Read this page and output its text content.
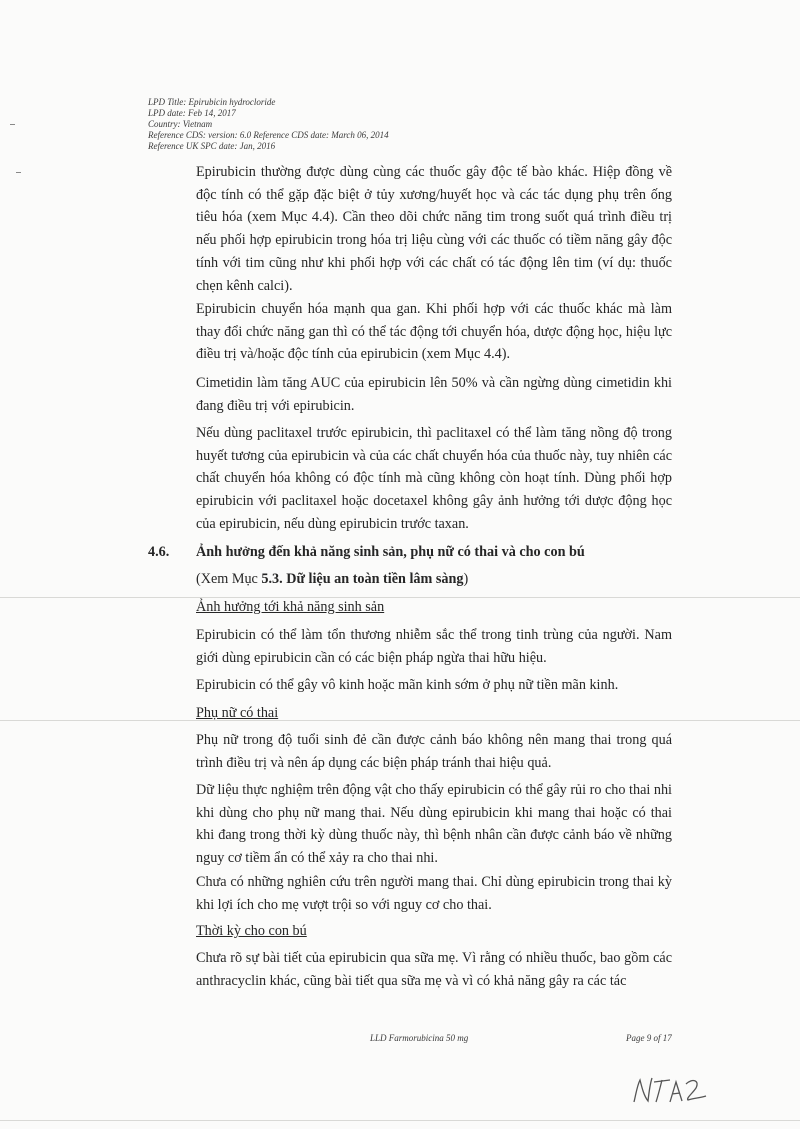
LPD Title: Epirubicin hydrocloride
LPD date: Feb 14, 2017
Country: Vietnam
Reference CDS: version: 6.0 Reference CDS date: March 06, 2014
Reference UK SPC date: Jan, 2016

Epirubicin thường được dùng cùng các thuốc gây độc tế bào khác. Hiệp đồng về độc tính có thể gặp đặc biệt ở tủy xương/huyết học và các tác dụng phụ trên ống tiêu hóa (xem Mục 4.4). Cần theo dõi chức năng tim trong suốt quá trình điều trị nếu phối hợp epirubicin trong hóa trị liệu cùng với các thuốc có tiềm năng gây độc tính với tim cũng như khi phối hợp với các chất có tác động lên tim (ví dụ: thuốc chẹn kênh calci).

Epirubicin chuyển hóa mạnh qua gan. Khi phối hợp với các thuốc khác mà làm thay đổi chức năng gan thì có thể tác động tới chuyển hóa, dược động học, hiệu lực điều trị và/hoặc độc tính của epirubicin (xem Mục 4.4).

Cimetidin làm tăng AUC của epirubicin lên 50% và cần ngừng dùng cimetidin khi đang điều trị với epirubicin.

Nếu dùng paclitaxel trước epirubicin, thì paclitaxel có thể làm tăng nồng độ trong huyết tương của epirubicin và của các chất chuyển hóa của thuốc này, tuy nhiên các chất chuyển hóa không có độc tính mà cũng không còn hoạt tính. Dùng phối hợp epirubicin với paclitaxel hoặc docetaxel không gây ảnh hưởng tới dược động học của epirubicin, nếu dùng epirubicin trước taxan.

4.6. Ảnh hưởng đến khả năng sinh sản, phụ nữ có thai và cho con bú
(Xem Mục 5.3. Dữ liệu an toàn tiền lâm sàng)
Ảnh hưởng tới khả năng sinh sản

Epirubicin có thể làm tổn thương nhiễm sắc thể trong tinh trùng của người. Nam giới dùng epirubicin cần có các biện pháp ngừa thai hữu hiệu.

Epirubicin có thể gây vô kinh hoặc mãn kinh sớm ở phụ nữ tiền mãn kinh.

Phụ nữ có thai

Phụ nữ trong độ tuổi sinh đẻ cần được cảnh báo không nên mang thai trong quá trình điều trị và nên áp dụng các biện pháp tránh thai hiệu quả.

Dữ liệu thực nghiệm trên động vật cho thấy epirubicin có thể gây rủi ro cho thai nhi khi dùng cho phụ nữ mang thai. Nếu dùng epirubicin khi mang thai hoặc có thai khi đang trong thời kỳ dùng thuốc này, thì bệnh nhân cần được cảnh báo về những nguy cơ tiềm ẩn có thể xảy ra cho thai nhi.

Chưa có những nghiên cứu trên người mang thai. Chỉ dùng epirubicin trong thai kỳ khi lợi ích cho mẹ vượt trội so với nguy cơ cho thai.

Thời kỳ cho con bú

Chưa rõ sự bài tiết của epirubicin qua sữa mẹ. Vì rằng có nhiều thuốc, bao gồm các anthracyclin khác, cũng bài tiết qua sữa mẹ và vì có khả năng gây ra các tác

LLD Farmorubicina 50 mg	Page 9 of 17
